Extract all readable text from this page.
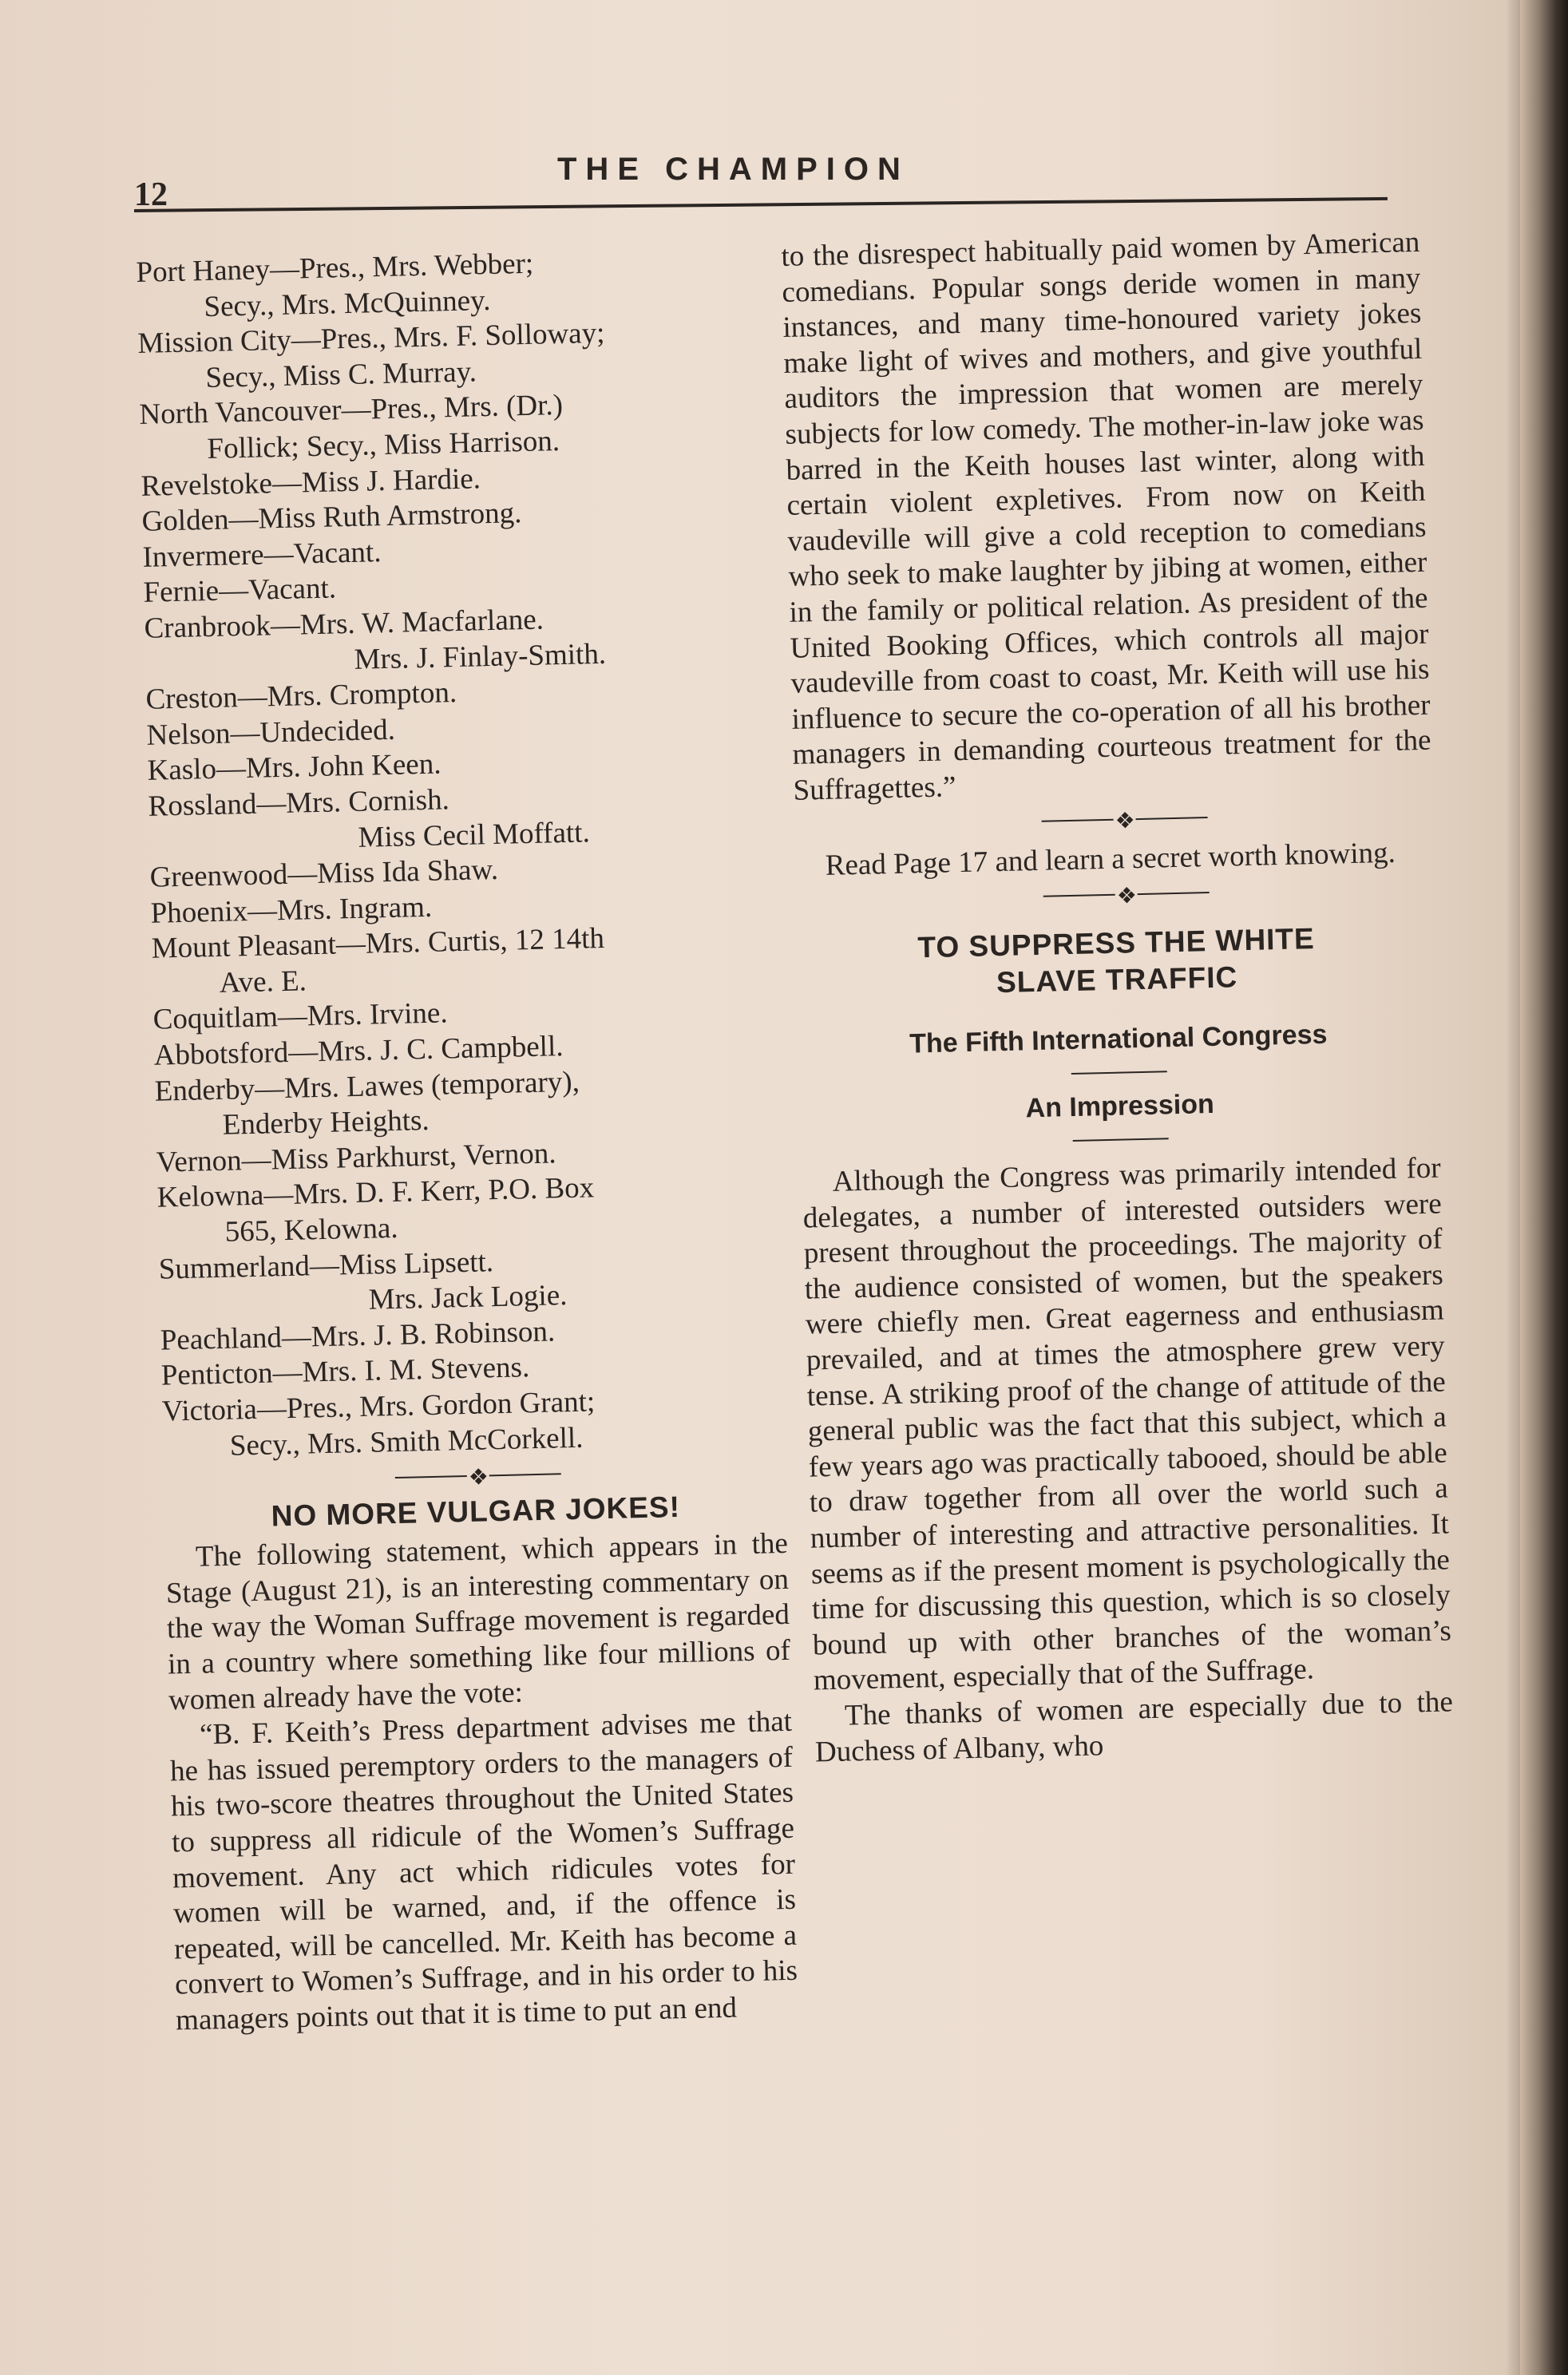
12
THE CHAMPION

Port Haney—Pres., Mrs. Webber;

Secy., Mrs. McQuinney.

Mission City—Pres., Mrs. F. Solloway;

Secy., Miss C. Murray.

North Vancouver—Pres., Mrs. (Dr.)

Follick; Secy., Miss Harrison.

Revelstoke—Miss J. Hardie.

Golden—Miss Ruth Armstrong.

Invermere—Vacant.

Fernie—Vacant.

Cranbrook—Mrs. W. Macfarlane.

Mrs. J. Finlay-Smith.

Creston—Mrs. Crompton.

Nelson—Undecided.

Kaslo—Mrs. John Keen.

Rossland—Mrs. Cornish.

Miss Cecil Moffatt.

Greenwood—Miss Ida Shaw.

Phoenix—Mrs. Ingram.

Mount Pleasant—Mrs. Curtis, 12 14th

Ave. E.

Coquitlam—Mrs. Irvine.

Abbotsford—Mrs. J. C. Campbell.

Enderby—Mrs. Lawes (temporary),

Enderby Heights.

Vernon—Miss Parkhurst, Vernon.

Kelowna—Mrs. D. F. Kerr, P.O. Box

565, Kelowna.

Summerland—Miss Lipsett.

Mrs. Jack Logie.

Peachland—Mrs. J. B. Robinson.

Penticton—Mrs. I. M. Stevens.

Victoria—Pres., Mrs. Gordon Grant;

Secy., Mrs. Smith McCorkell.

❖

NO MORE VULGAR JOKES!

The following statement, which appears in the Stage (August 21), is an interesting commentary on the way the Woman Suffrage movement is regarded in a country where something like four millions of women already have the vote:

“B. F. Keith’s Press department advises me that he has issued peremptory orders to the managers of his two-score theatres throughout the United States to suppress all ridicule of the Women’s Suffrage movement. Any act which ridicules votes for women will be warned, and, if the offence is repeated, will be cancelled. Mr. Keith has become a convert to Women’s Suffrage, and in his order to his managers points out that it is time to put an end

to the disrespect habitually paid women by American comedians. Popular songs deride women in many instances, and many time-honoured variety jokes make light of wives and mothers, and give youthful auditors the impression that women are merely subjects for low comedy. The mother-in-law joke was barred in the Keith houses last winter, along with certain violent expletives. From now on Keith vaudeville will give a cold reception to comedians who seek to make laughter by jibing at women, either in the family or political relation. As president of the United Booking Offices, which controls all major vaudeville from coast to coast, Mr. Keith will use his influence to secure the co-operation of all his brother managers in demanding courteous treatment for the Suffragettes.”

❖

Read Page 17 and learn a secret worth knowing.

❖

TO SUPPRESS THE WHITE

SLAVE TRAFFIC

The Fifth International Congress

An Impression

Although the Congress was primarily intended for delegates, a number of interested outsiders were present throughout the proceedings. The majority of the audience consisted of women, but the speakers were chiefly men. Great eagerness and enthusiasm prevailed, and at times the atmosphere grew very tense. A striking proof of the change of attitude of the general public was the fact that this subject, which a few years ago was practically tabooed, should be able to draw together from all over the world such a number of interesting and attractive personalities. It seems as if the present moment is psychologically the time for discussing this question, which is so closely bound up with other branches of the woman’s movement, especially that of the Suffrage.

The thanks of women are especially due to the Duchess of Albany, who
